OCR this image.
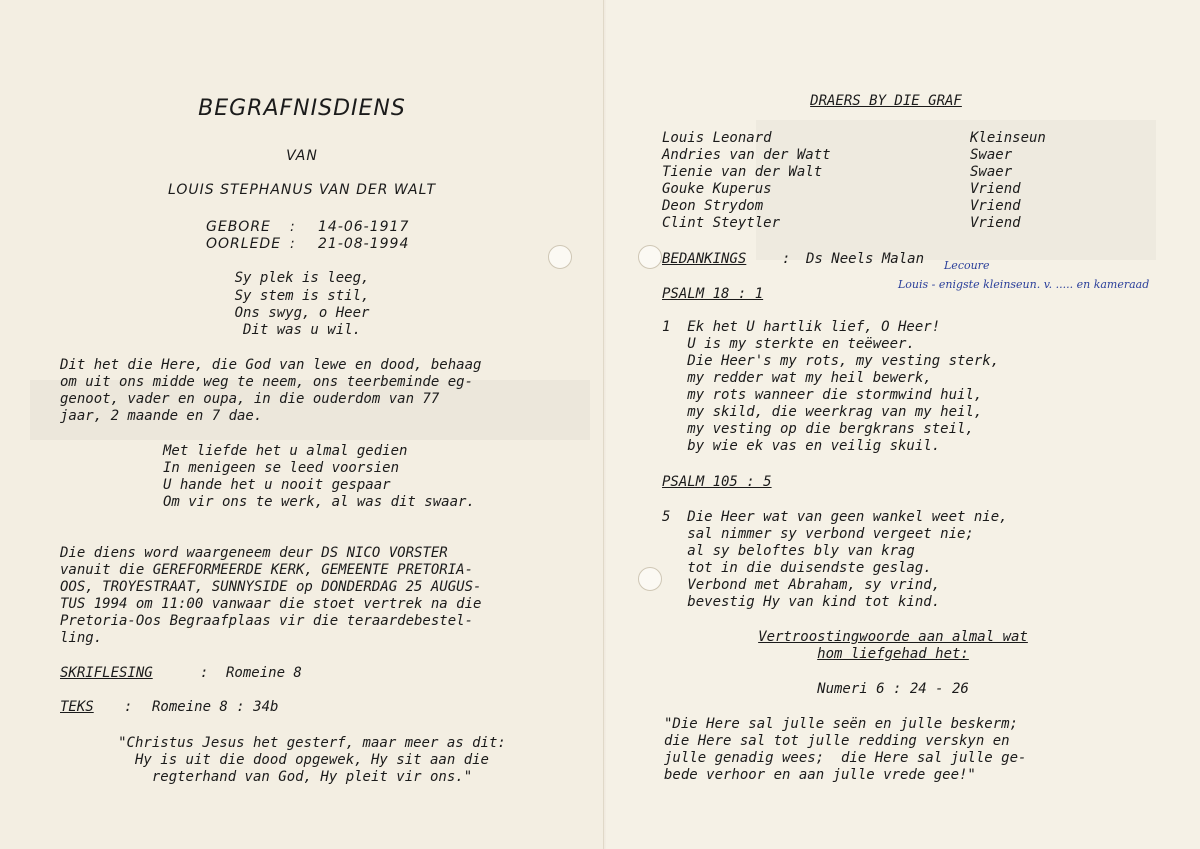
BEGRAFNISDIENS
VAN
LOUIS STEPHANUS VAN DER WALT
GEBORE : 14-06-1917
OORLEDE : 21-08-1994
Sy plek is leeg,
Sy stem is stil,
Ons swyg, o Heer
Dit was u wil.
Dit het die Here, die God van lewe en dood, behaag
om uit ons midde weg te neem, ons teerbeminde eg-
genoot, vader en oupa, in die ouderdom van 77
jaar, 2 maande en 7 dae.
Met liefde het u almal gedien
In menigeen se leed voorsien
U hande het u nooit gespaar
Om vir ons te werk, al was dit swaar.
Die diens word waargeneem deur DS NICO VORSTER
vanuit die GEREFORMEERDE KERK, GEMEENTE PRETORIA-
OOS, TROYESTRAAT, SUNNYSIDE op DONDERDAG 25 AUGUS-
TUS 1994 om 11:00 vanwaar die stoet vertrek na die
Pretoria-Oos Begraafplaas vir die teraardebestel-
ling.
SKRIFLESING	: Romeine 8
TEKS : Romeine 8 : 34b
"Christus Jesus het gesterf, maar meer as dit:
Hy is uit die dood opgewek, Hy sit aan die
regterhand van God, Hy pleit vir ons."
DRAERS BY DIE GRAF
Louis Leonard	Kleinseun
Andries van der Watt	Swaer
Tienie van der Walt	Swaer
Gouke Kuperus	Vriend
Deon Strydom	Vriend
Clint Steytler	Vriend
BEDANKINGS	: Ds Neels Malan Lecoure
Louis - enigste kleinseun. v. ..... en kameraad
PSALM 18 : 1
1  Ek het U hartlik lief, O Heer!
U is my sterkte en teëweer.
Die Heer's my rots, my vesting sterk,
my redder wat my heil bewerk,
my rots wanneer die stormwind huil,
my skild, die weerkrag van my heil,
my vesting op die bergkrans steil,
by wie ek vas en veilig skuil.
PSALM 105 : 5
5  Die Heer wat van geen wankel weet nie,
sal nimmer sy verbond vergeet nie;
al sy beloftes bly van krag
tot in die duisendste geslag.
Verbond met Abraham, sy vrind,
bevestig Hy van kind tot kind.
Vertroostingwoorde aan almal wat
hom liefgehad het:
Numeri 6 : 24 - 26
"Die Here sal julle seën en julle beskerm;
die Here sal tot julle redding verskyn en
julle genadig wees;  die Here sal julle ge-
bede verhoor en aan julle vrede gee!"
